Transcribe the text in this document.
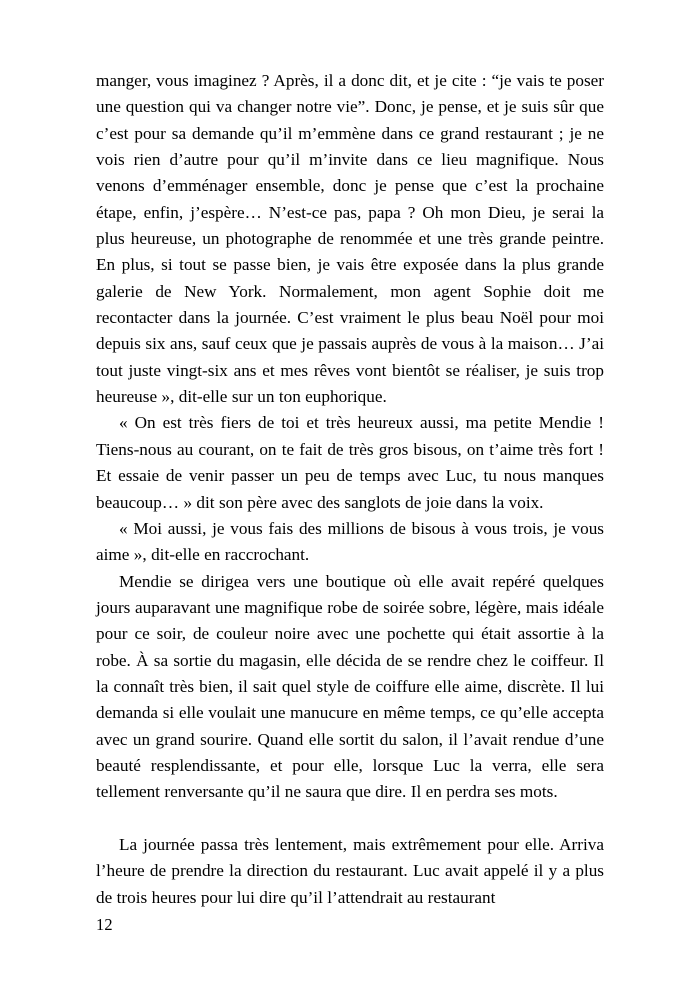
manger, vous imaginez ? Après, il a donc dit, et je cite : “je vais te poser une question qui va changer notre vie”. Donc, je pense, et je suis sûr que c’est pour sa demande qu’il m’emmène dans ce grand restaurant ; je ne vois rien d’autre pour qu’il m’invite dans ce lieu magnifique. Nous venons d’emménager ensemble, donc je pense que c’est la prochaine étape, enfin, j’espère… N’est-ce pas, papa ? Oh mon Dieu, je serai la plus heureuse, un photographe de renommée et une très grande peintre. En plus, si tout se passe bien, je vais être exposée dans la plus grande galerie de New York. Normalement, mon agent Sophie doit me recontacter dans la journée. C’est vraiment le plus beau Noël pour moi depuis six ans, sauf ceux que je passais auprès de vous à la maison… J’ai tout juste vingt-six ans et mes rêves vont bientôt se réaliser, je suis trop heureuse », dit-elle sur un ton euphorique.

« On est très fiers de toi et très heureux aussi, ma petite Mendie ! Tiens-nous au courant, on te fait de très gros bisous, on t’aime très fort ! Et essaie de venir passer un peu de temps avec Luc, tu nous manques beaucoup… » dit son père avec des sanglots de joie dans la voix.

« Moi aussi, je vous fais des millions de bisous à vous trois, je vous aime », dit-elle en raccrochant.

Mendie se dirigea vers une boutique où elle avait repéré quelques jours auparavant une magnifique robe de soirée sobre, légère, mais idéale pour ce soir, de couleur noire avec une pochette qui était assortie à la robe. À sa sortie du magasin, elle décida de se rendre chez le coiffeur. Il la connaît très bien, il sait quel style de coiffure elle aime, discrète. Il lui demanda si elle voulait une manucure en même temps, ce qu’elle accepta avec un grand sourire. Quand elle sortit du salon, il l’avait rendue d’une beauté resplendissante, et pour elle, lorsque Luc la verra, elle sera tellement renversante qu’il ne saura que dire. Il en perdra ses mots.

La journée passa très lentement, mais extrêmement pour elle. Arriva l’heure de prendre la direction du restaurant. Luc avait appelé il y a plus de trois heures pour lui dire qu’il l’attendrait au restaurant

12
